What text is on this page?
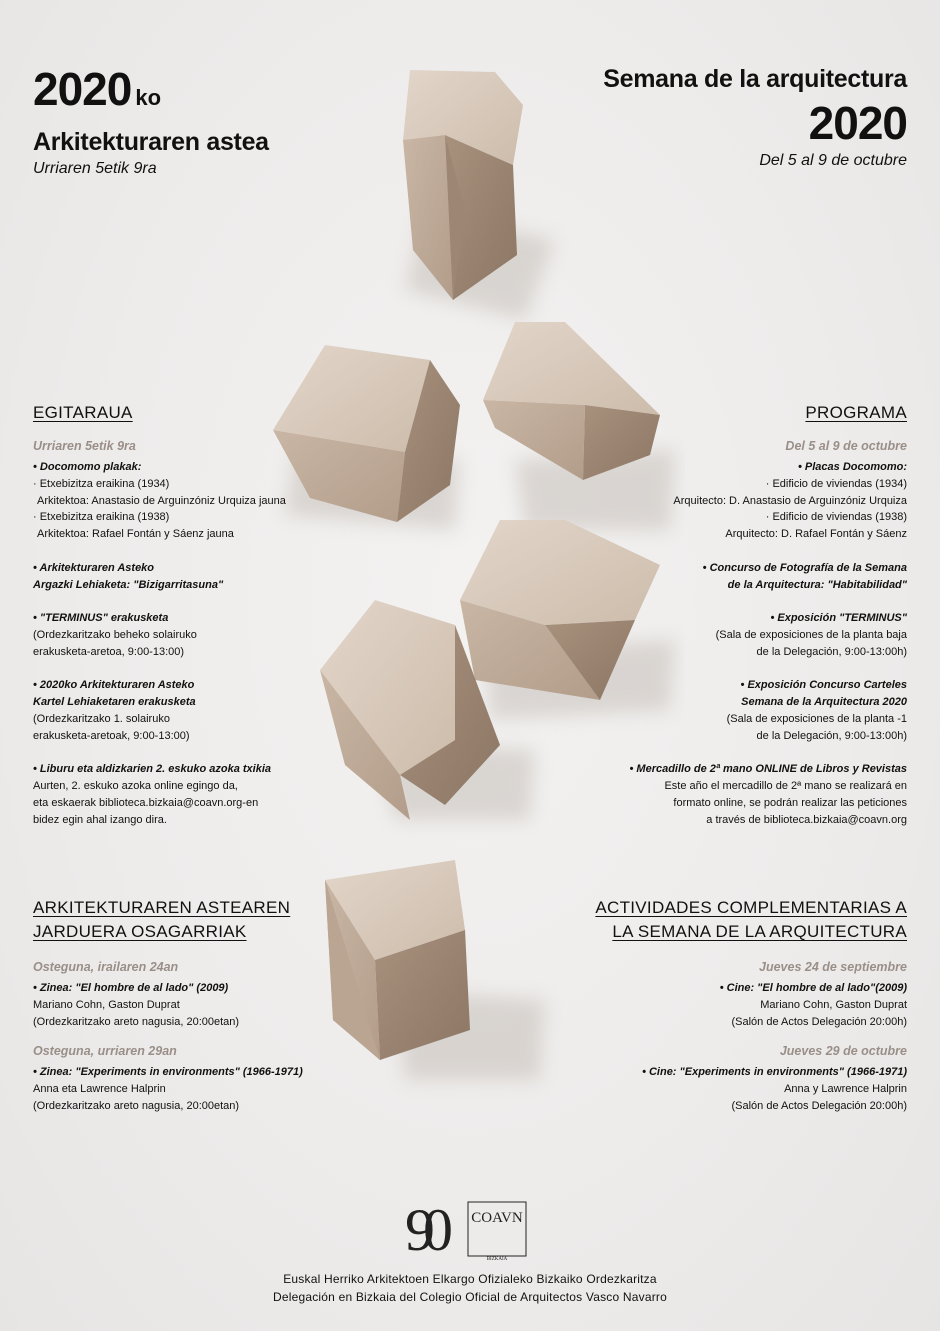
2020 ko
Arkitekturaren astea
Urriaren 5etik 9ra
Semana de la arquitectura
2020
Del 5 al 9 de octubre
EGITARAUA
Urriaren 5etik 9ra
• Docomomo plakak:
· Etxebizitza eraikina (1934)
Arkitektoa: Anastasio de Arguinzóniz Urquiza jauna
· Etxebizitza eraikina (1938)
Arkitektoa: Rafael Fontán y Sáenz jauna
• Arkitekturaren Asteko
Argazki Lehiaketa: "Bizigarritasuna"
• "TERMINUS" erakusketa
(Ordezkaritzako beheko solairuko
erakusketa-aretoa, 9:00-13:00)
• 2020ko Arkitekturaren Asteko
Kartel Lehiaketaren erakusketa
(Ordezkaritzako 1. solairuko
erakusketa-aretoak, 9:00-13:00)
• Liburu eta aldizkarien 2. eskuko azoka txikia
Aurten, 2. eskuko azoka online egingo da,
eta eskaerak biblioteca.bizkaia@coavn.org-en
bidez egin ahal izango dira.
PROGRAMA
Del 5 al 9 de octubre
• Placas Docomomo:
· Edificio de viviendas (1934)
Arquitecto: D. Anastasio de Arguinzóniz Urquiza
· Edificio de viviendas (1938)
Arquitecto: D. Rafael Fontán y Sáenz
• Concurso de Fotografía de la Semana
de la Arquitectura: "Habitabilidad"
• Exposición "TERMINUS"
(Sala de exposiciones de la planta baja
de la Delegación, 9:00-13:00h)
• Exposición Concurso Carteles
Semana de la Arquitectura 2020
(Sala de exposiciones de la planta -1
de la Delegación, 9:00-13:00h)
• Mercadillo de 2ª mano ONLINE de Libros y Revistas
Este año el mercadillo de 2ª mano se realizará en
formato online, se podrán realizar las peticiones
a través de biblioteca.bizkaia@coavn.org
ARKITEKTURAREN ASTEAREN
JARDUERA OSAGARRIAK
Osteguna, irailaren 24an
• Zinea: "El hombre de al lado" (2009)
Mariano Cohn, Gaston Duprat
(Ordezkaritzako areto nagusia, 20:00etan)
Osteguna, urriaren 29an
• Zinea: "Experiments in environments" (1966-1971)
Anna eta Lawrence Halprin
(Ordezkaritzako areto nagusia, 20:00etan)
ACTIVIDADES COMPLEMENTARIAS A
LA SEMANA DE LA ARQUITECTURA
Jueves 24 de septiembre
• Cine: "El hombre de al lado"(2009)
Mariano Cohn, Gaston Duprat
(Salón de Actos Delegación 20:00h)
Jueves 29 de octubre
• Cine: "Experiments in environments" (1966-1971)
Anna y Lawrence Halprin
(Salón de Actos Delegación 20:00h)
90	COAVN
BIZKAIA
Euskal Herriko Arkitektoen Elkargo Ofizialeko Bizkaiko Ordezkaritza
Delegación en Bizkaia del Colegio Oficial de Arquitectos Vasco Navarro
